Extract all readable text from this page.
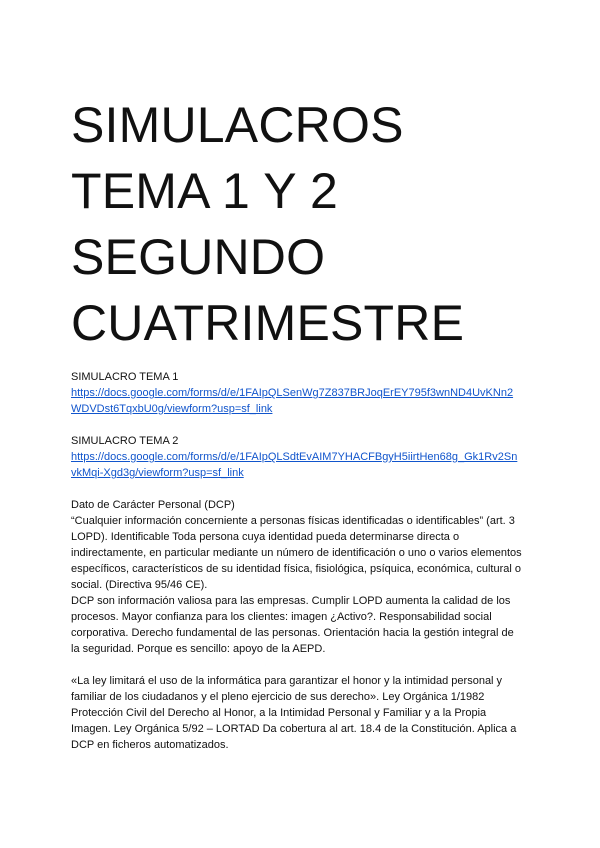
SIMULACROS
TEMA 1 Y 2
SEGUNDO
CUATRIMESTRE
SIMULACRO TEMA 1
https://docs.google.com/forms/d/e/1FAIpQLSenWg7Z837BRJoqErEY795f3wnND4UvKNn2
WDVDst6TqxbU0g/viewform?usp=sf_link
SIMULACRO TEMA 2
https://docs.google.com/forms/d/e/1FAIpQLSdtEvAIM7YHACFBgyH5iirtHen68g_Gk1Rv2Sn
vkMqi-Xgd3g/viewform?usp=sf_link
Dato de Carácter Personal (DCP)
“Cualquier información concerniente a personas físicas identificadas o identificables” (art. 3
LOPD). Identificable Toda persona cuya identidad pueda determinarse directa o
indirectamente, en particular mediante un número de identificación o uno o varios elementos
específicos, característicos de su identidad física, fisiológica, psíquica, económica, cultural o
social. (Directiva 95/46 CE).
DCP son información valiosa para las empresas. Cumplir LOPD aumenta la calidad de los
procesos. Mayor confianza para los clientes: imagen ¿Activo?. Responsabilidad social
corporativa. Derecho fundamental de las personas. Orientación hacia la gestión integral de
la seguridad. Porque es sencillo: apoyo de la AEPD.
«La ley limitará el uso de la informática para garantizar el honor y la intimidad personal y
familiar de los ciudadanos y el pleno ejercicio de sus derecho». Ley Orgánica 1/1982
Protección Civil del Derecho al Honor, a la Intimidad Personal y Familiar y a la Propia
Imagen. Ley Orgánica 5/92 – LORTAD Da cobertura al art. 18.4 de la Constitución. Aplica a
DCP en ficheros automatizados.
